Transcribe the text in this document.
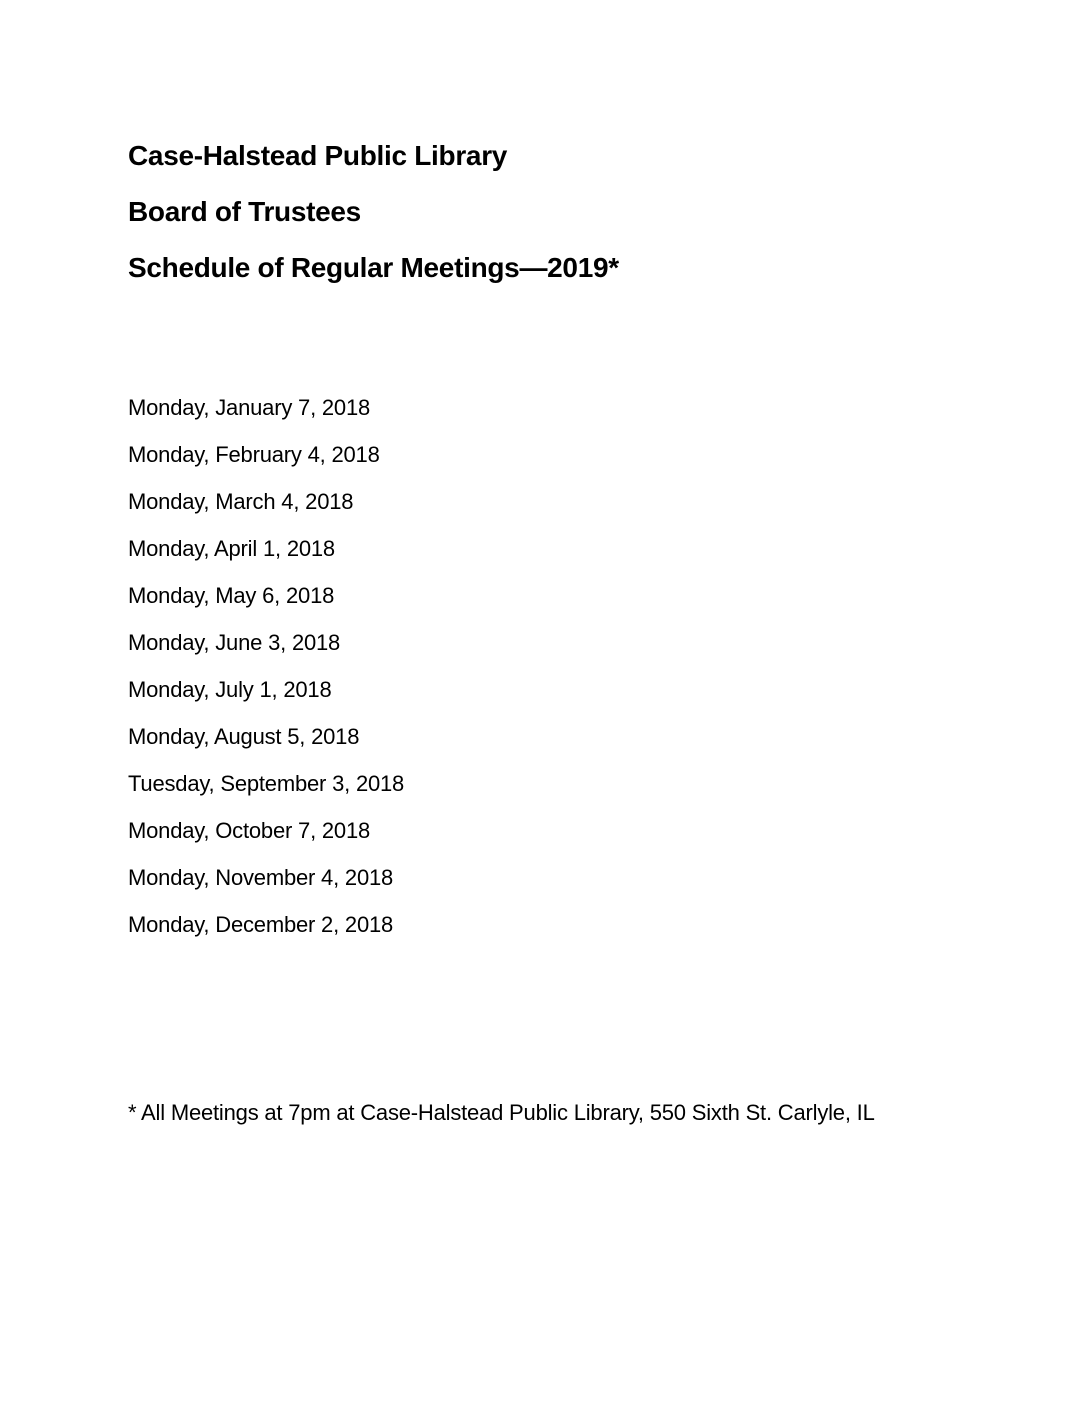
Case-Halstead Public Library
Board of Trustees
Schedule of Regular Meetings—2019*
Monday, January 7, 2018
Monday, February 4, 2018
Monday, March 4, 2018
Monday, April 1, 2018
Monday, May 6, 2018
Monday, June 3, 2018
Monday, July 1, 2018
Monday, August 5, 2018
Tuesday, September 3, 2018
Monday, October 7, 2018
Monday, November 4, 2018
Monday, December 2, 2018
* All Meetings at 7pm at Case-Halstead Public Library, 550 Sixth St. Carlyle, IL
